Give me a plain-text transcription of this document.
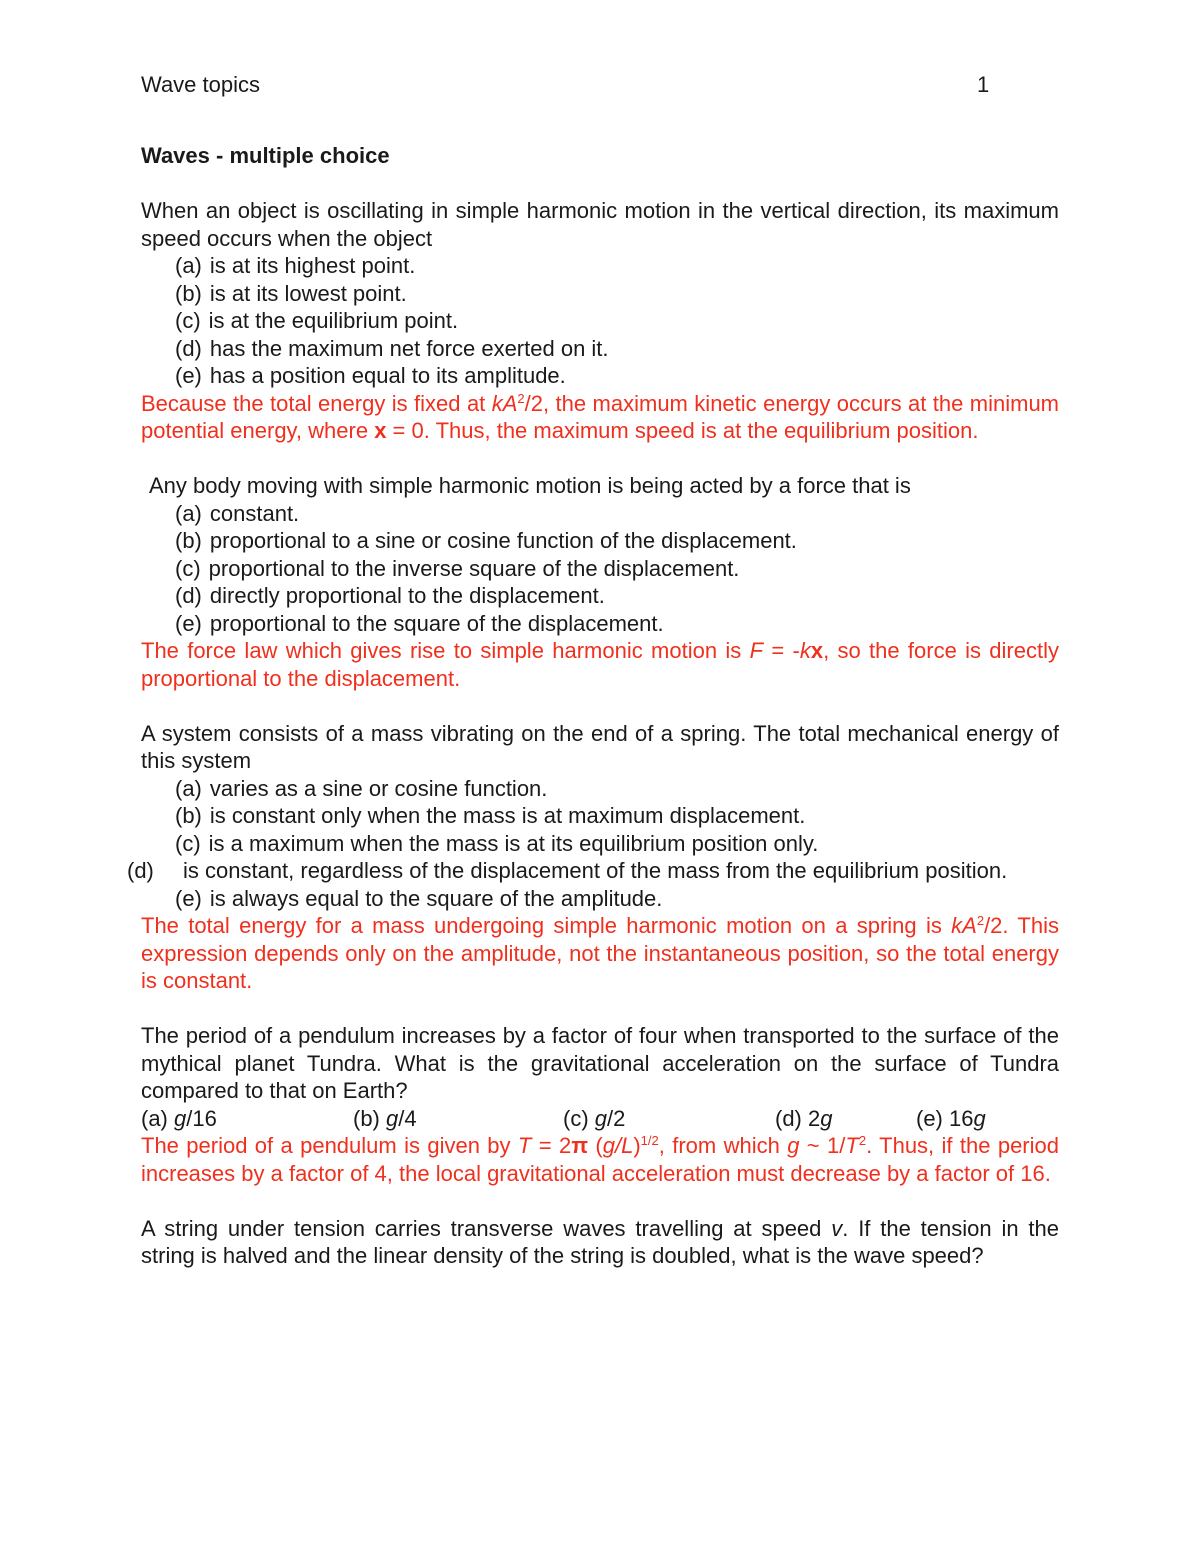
Wave topics	1

Waves - multiple choice

When an object is oscillating in simple harmonic motion in the vertical direction, its maximum speed occurs when the object

(a) is at its highest point.
(b) is at its lowest point.
(c) is at the equilibrium point.
(d) has the maximum net force exerted on it.
(e) has a position equal to its amplitude.

Because the total energy is fixed at $kA^2/2$, the maximum kinetic energy occurs at the minimum potential energy, where x = 0. Thus, the maximum speed is at the equilibrium position.

Any body moving with simple harmonic motion is being acted by a force that is

(a) constant.
(b) proportional to a sine or cosine function of the displacement.
(c) proportional to the inverse square of the displacement.
(d) directly proportional to the displacement.
(e) proportional to the square of the displacement.

The force law which gives rise to simple harmonic motion is F = -kx, so the force is directly proportional to the displacement.

A system consists of a mass vibrating on the end of a spring. The total mechanical energy of this system

(a) varies as a sine or cosine function.
(b) is constant only when the mass is at maximum displacement.
(c) is a maximum when the mass is at its equilibrium position only.
(d) is constant, regardless of the displacement of the mass from the equilibrium position.
(e) is always equal to the square of the amplitude.

The total energy for a mass undergoing simple harmonic motion on a spring is $kA^2/2$. This expression depends only on the amplitude, not the instantaneous position, so the total energy is constant.

The period of a pendulum increases by a factor of four when transported to the surface of the mythical planet Tundra. What is the gravitational acceleration on the surface of Tundra compared to that on Earth?

(a) g/16	(b) g/4	(c) g/2	(d) 2g	(e) 16g

The period of a pendulum is given by T = 2π $(g/L)^{1/2}$, from which g ~ $1/T^2$. Thus, if the period increases by a factor of 4, the local gravitational acceleration must decrease by a factor of 16.

A string under tension carries transverse waves travelling at speed v. If the tension in the string is halved and the linear density of the string is doubled, what is the wave speed?
